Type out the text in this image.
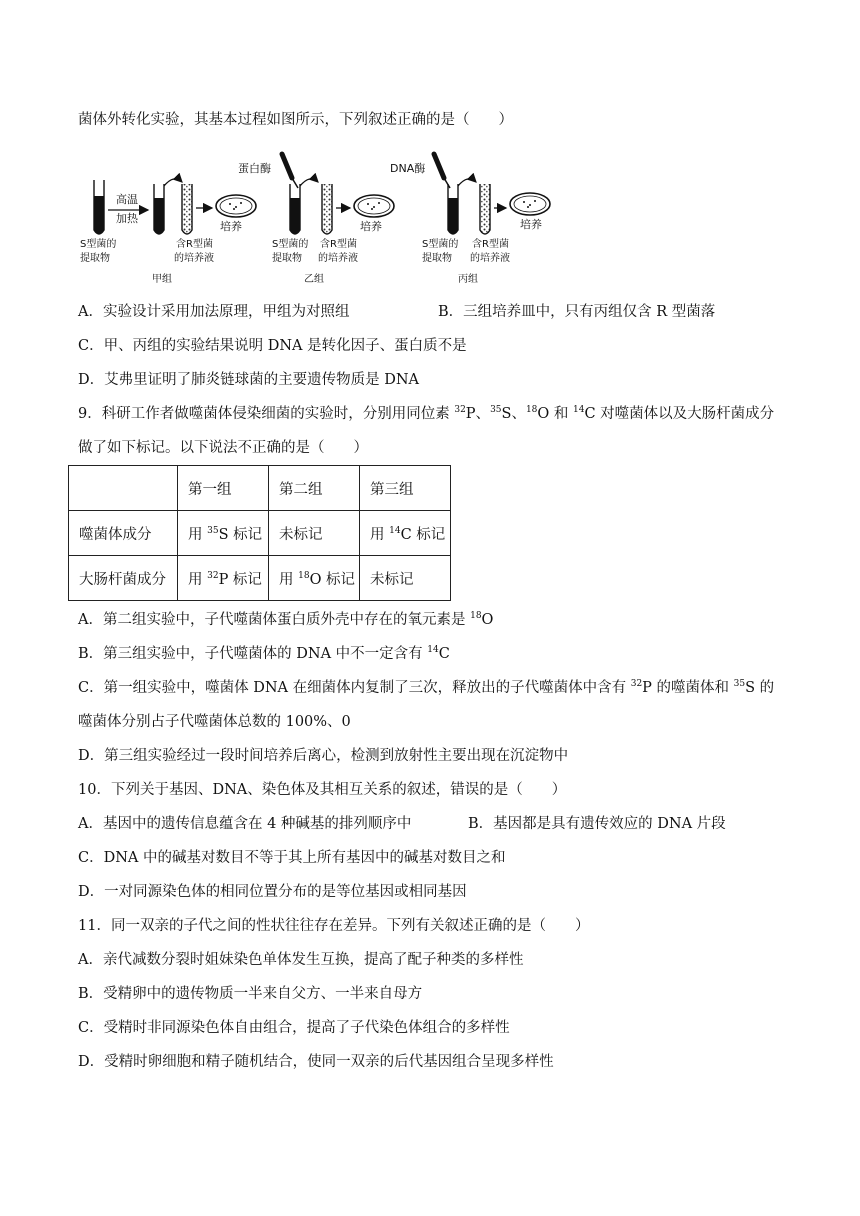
菌体外转化实验，其基本过程如图所示，下列叙述正确的是（　　）
高温
加热
培养
S型菌的
提取物
含R型菌
的培养液
甲组
蛋白酶
培养
S型菌的
提取物
含R型菌
的培养液
乙组
DNA酶
培养
S型菌的
提取物
含R型菌
的培养液
丙组
A．实验设计采用加法原理，甲组为对照组	B．三组培养皿中，只有丙组仅含 R 型菌落
C．甲、丙组的实验结果说明 DNA 是转化因子、蛋白质不是
D．艾弗里证明了肺炎链球菌的主要遗传物质是 DNA
9．科研工作者做噬菌体侵染细菌的实验时，分别用同位素 $^{32}$P、$^{35}$S、$^{18}$O 和 $^{14}$C 对噬菌体以及大肠杆菌成分
做了如下标记。以下说法不正确的是（　　）
	第一组	第二组	第三组
噬菌体成分	用 $^{35}$S 标记	未标记	用 $^{14}$C 标记
大肠杆菌成分	用 $^{32}$P 标记	用 $^{18}$O 标记	未标记
A．第二组实验中，子代噬菌体蛋白质外壳中存在的氧元素是 $^{18}$O
B．第三组实验中，子代噬菌体的 DNA 中不一定含有 $^{14}$C
C．第一组实验中，噬菌体 DNA 在细菌体内复制了三次，释放出的子代噬菌体中含有 $^{32}$P 的噬菌体和 $^{35}$S 的
噬菌体分别占子代噬菌体总数的 100%、0
D．第三组实验经过一段时间培养后离心，检测到放射性主要出现在沉淀物中
10．下列关于基因、DNA、染色体及其相互关系的叙述，错误的是（　　）
A．基因中的遗传信息蕴含在 4 种碱基的排列顺序中	B．基因都是具有遗传效应的 DNA 片段
C．DNA 中的碱基对数目不等于其上所有基因中的碱基对数目之和
D．一对同源染色体的相同位置分布的是等位基因或相同基因
11．同一双亲的子代之间的性状往往存在差异。下列有关叙述正确的是（　　）
A．亲代减数分裂时姐妹染色单体发生互换，提高了配子种类的多样性
B．受精卵中的遗传物质一半来自父方、一半来自母方
C．受精时非同源染色体自由组合，提高了子代染色体组合的多样性
D．受精时卵细胞和精子随机结合，使同一双亲的后代基因组合呈现多样性
